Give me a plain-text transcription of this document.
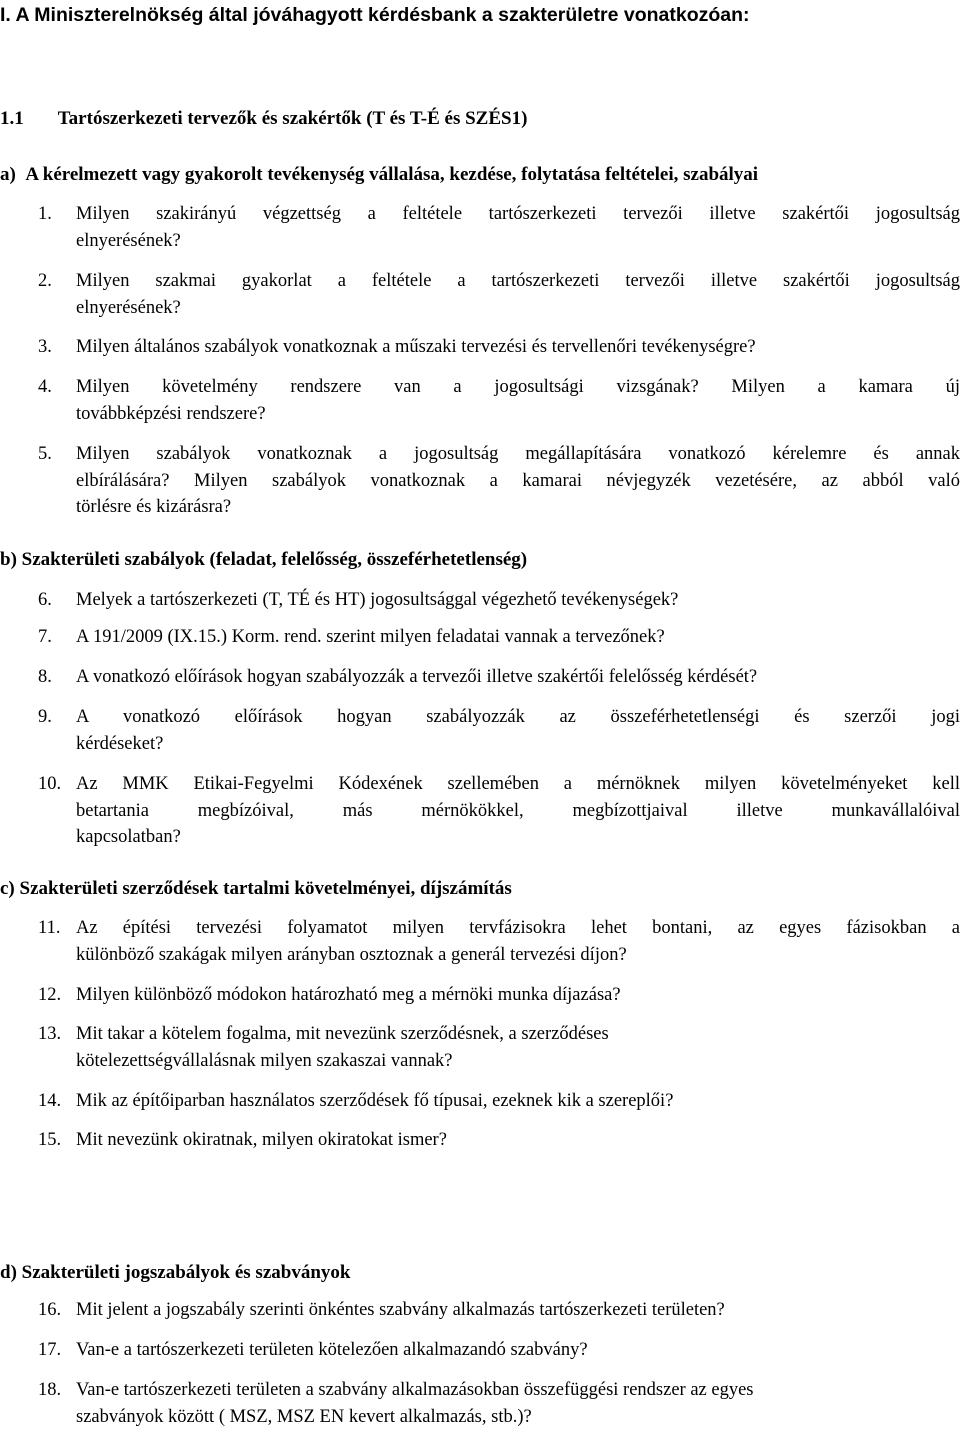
I. A Miniszterelnökség által jóváhagyott kérdésbank a szakterületre vonatkozóan:
1.1 Tartószerkezeti tervezők és szakértők (T és T-É és SZÉS1)
a)  A kérelmezett vagy gyakorolt tevékenység vállalása, kezdése, folytatása feltételei, szabályai
1. Milyen szakirányú végzettség a feltétele tartószerkezeti tervezői illetve szakértői jogosultság
elnyerésének?
2. Milyen szakmai gyakorlat a feltétele a tartószerkezeti tervezői illetve szakértői jogosultság
elnyerésének?
3. Milyen általános szabályok vonatkoznak a műszaki tervezési és tervellenőri tevékenységre?
4. Milyen követelmény rendszere van a jogosultsági vizsgának? Milyen a kamara új
továbbképzési rendszere?
5. Milyen szabályok vonatkoznak a jogosultság megállapítására vonatkozó kérelemre és annak
elbírálására? Milyen szabályok vonatkoznak a kamarai névjegyzék vezetésére, az abból való
törlésre és kizárásra?
b) Szakterületi szabályok (feladat, felelősség, összeférhetetlenség)
6. Melyek a tartószerkezeti (T, TÉ és HT) jogosultsággal végezhető tevékenységek?
7. A 191/2009 (IX.15.) Korm. rend. szerint milyen feladatai vannak a tervezőnek?
8. A vonatkozó előírások hogyan szabályozzák a tervezői illetve szakértői felelősség kérdését?
9. A vonatkozó előírások hogyan szabályozzák az összeférhetetlenségi és szerzői jogi
kérdéseket?
10. Az MMK Etikai-Fegyelmi Kódexének szellemében a mérnöknek milyen követelményeket kell
betartania megbízóival, más mérnökökkel, megbízottjaival illetve munkavállalóival
kapcsolatban?
c) Szakterületi szerződések tartalmi követelményei, díjszámítás
11. Az építési tervezési folyamatot milyen tervfázisokra lehet bontani, az egyes fázisokban a
különböző szakágak milyen arányban osztoznak a generál tervezési díjon?
12. Milyen különböző módokon határozható meg a mérnöki munka díjazása?
13. Mit takar a kötelem fogalma, mit nevezünk szerződésnek, a szerződéses
kötelezettségvállalásnak milyen szakaszai vannak?
14. Mik az építőiparban használatos szerződések fő típusai, ezeknek kik a szereplői?
15. Mit nevezünk okiratnak, milyen okiratokat ismer?
d) Szakterületi jogszabályok és szabványok
16. Mit jelent a jogszabály szerinti önkéntes szabvány alkalmazás tartószerkezeti területen?
17. Van-e a tartószerkezeti területen kötelezően alkalmazandó szabvány?
18. Van-e tartószerkezeti területen a szabvány alkalmazásokban összefüggési rendszer az egyes
szabványok között ( MSZ, MSZ EN kevert alkalmazás, stb.)?
